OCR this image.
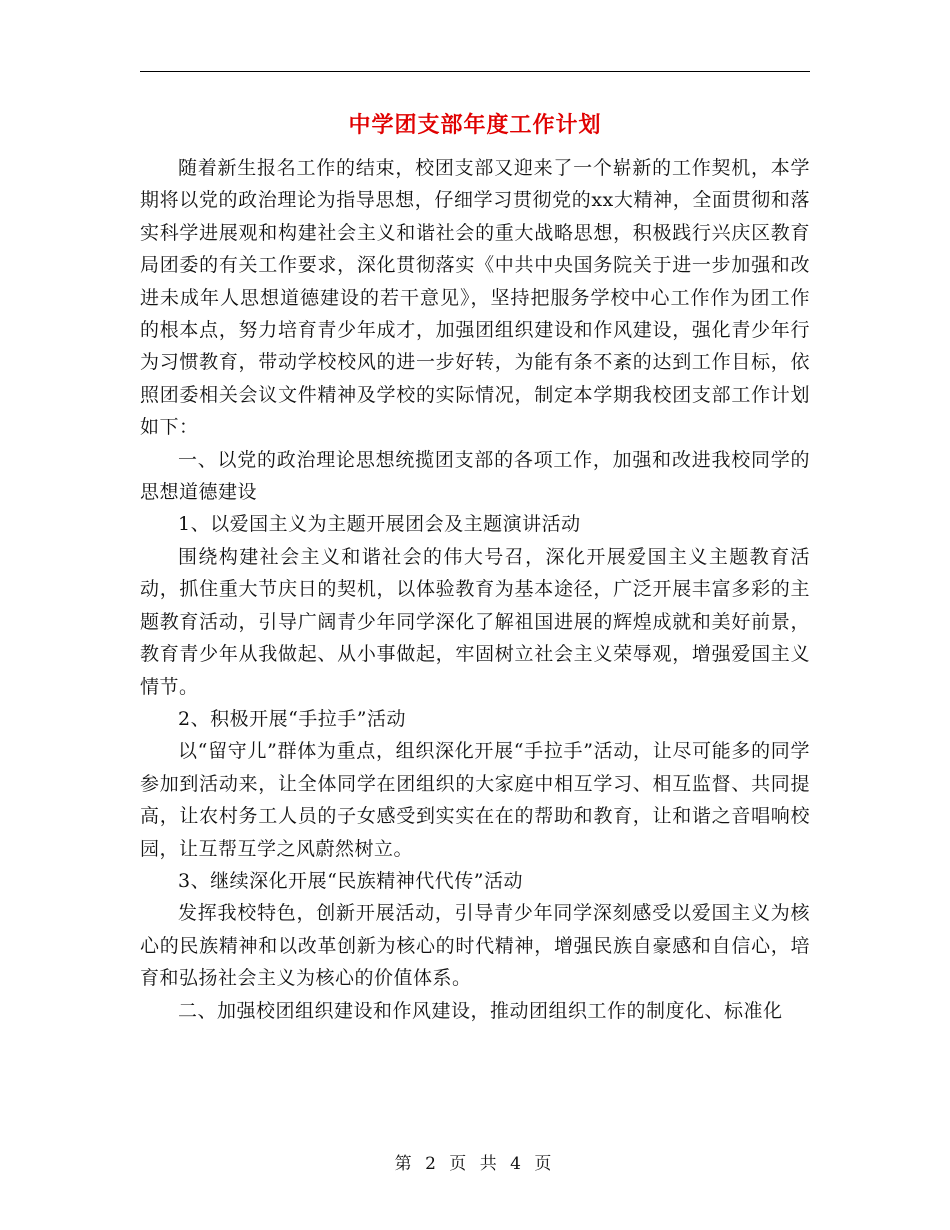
中学团支部年度工作计划

随着新生报名工作的结束，校团支部又迎来了一个崭新的工作契机，本学期将以党的政治理论为指导思想，仔细学习贯彻党的xx大精神，全面贯彻和落实科学进展观和构建社会主义和谐社会的重大战略思想，积极践行兴庆区教育局团委的有关工作要求，深化贯彻落实《中共中央国务院关于进一步加强和改进未成年人思想道德建设的若干意见》，坚持把服务学校中心工作作为团工作的根本点，努力培育青少年成才，加强团组织建设和作风建设，强化青少年行为习惯教育，带动学校校风的进一步好转，为能有条不紊的达到工作目标，依照团委相关会议文件精神及学校的实际情况，制定本学期我校团支部工作计划如下：

一、以党的政治理论思想统揽团支部的各项工作，加强和改进我校同学的思想道德建设

1、以爱国主义为主题开展团会及主题演讲活动

围绕构建社会主义和谐社会的伟大号召，深化开展爱国主义主题教育活动，抓住重大节庆日的契机，以体验教育为基本途径，广泛开展丰富多彩的主题教育活动，引导广阔青少年同学深化了解祖国进展的辉煌成就和美好前景，教育青少年从我做起、从小事做起，牢固树立社会主义荣辱观，增强爱国主义情节。

2、积极开展“手拉手”活动

以“留守儿”群体为重点，组织深化开展“手拉手”活动，让尽可能多的同学参加到活动来，让全体同学在团组织的大家庭中相互学习、相互监督、共同提高，让农村务工人员的子女感受到实实在在的帮助和教育，让和谐之音唱响校园，让互帮互学之风蔚然树立。

3、继续深化开展“民族精神代代传”活动

发挥我校特色，创新开展活动，引导青少年同学深刻感受以爱国主义为核心的民族精神和以改革创新为核心的时代精神，增强民族自豪感和自信心，培育和弘扬社会主义为核心的价值体系。

二、加强校团组织建设和作风建设，推动团组织工作的制度化、标准化

第 2 页 共 4 页
